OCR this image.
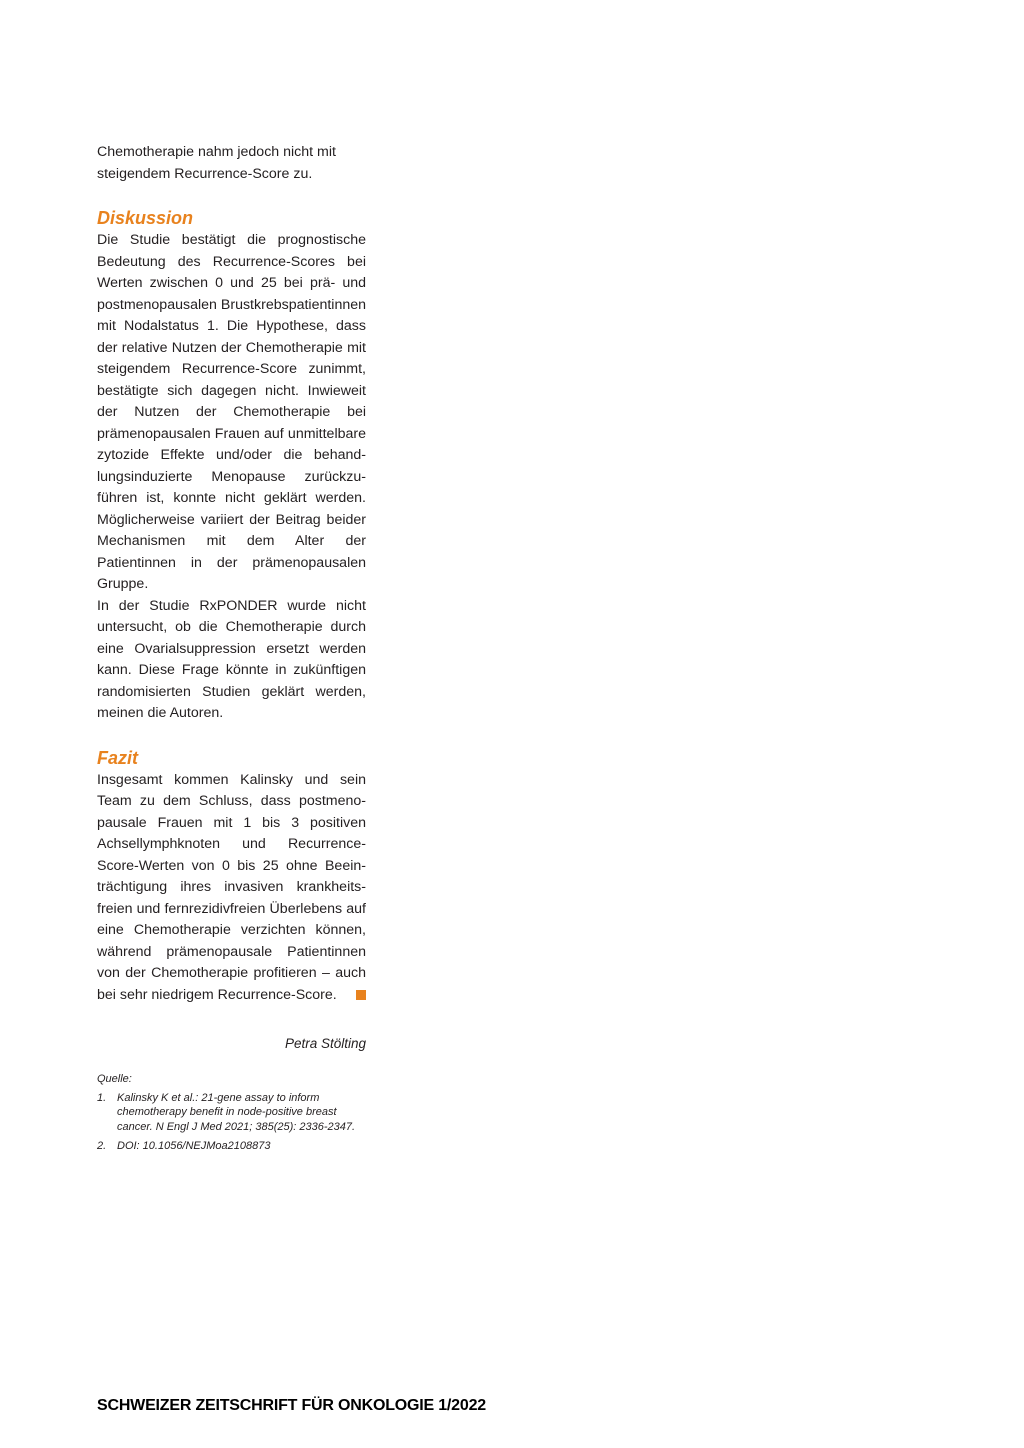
Chemotherapie nahm jedoch nicht mit steigendem Recurrence-Score zu.

Diskussion

Die Studie bestätigt die prognostische Bedeutung des Recurrence-Scores bei Werten zwischen 0 und 25 bei prä- und postmenopausalen Brustkrebspatientinnen mit Nodalstatus 1. Die Hypothese, dass der relative Nutzen der Chemotherapie mit steigendem Recurrence-Score zunimmt, bestätigte sich dagegen nicht. Inwieweit der Nutzen der Chemotherapie bei prämenopausalen Frauen auf unmittelbare zytozide Effekte und/oder die behandlungsinduzierte Menopause zurückzuführen ist, konnte nicht geklärt werden. Möglicherweise variiert der Beitrag beider Mechanismen mit dem Alter der Patientinnen in der prämenopausalen Gruppe.

In der Studie RxPONDER wurde nicht untersucht, ob die Chemotherapie durch eine Ovarialsuppression ersetzt werden kann. Diese Frage könnte in zukünftigen randomisierten Studien geklärt werden, meinen die Autoren.

Fazit

Insgesamt kommen Kalinsky und sein Team zu dem Schluss, dass postmenopausale Frauen mit 1 bis 3 positiven Achsellymphknoten und Recurrence-Score-Werten von 0 bis 25 ohne Beeinträchtigung ihres invasiven krankheitsfreien und fernrezidivfreien Überlebens auf eine Chemotherapie verzichten können, während prämenopausale Patientinnen von der Chemotherapie profitieren – auch bei sehr niedrigem Recurrence-Score.

Petra Stölting

Quelle:

1. Kalinsky K et al.: 21-gene assay to inform chemotherapy benefit in node-positive breast cancer. N Engl J Med 2021; 385(25): 2336-2347.
2. DOI: 10.1056/NEJMoa2108873
SCHWEIZER ZEITSCHRIFT FÜR ONKOLOGIE 1/2022
